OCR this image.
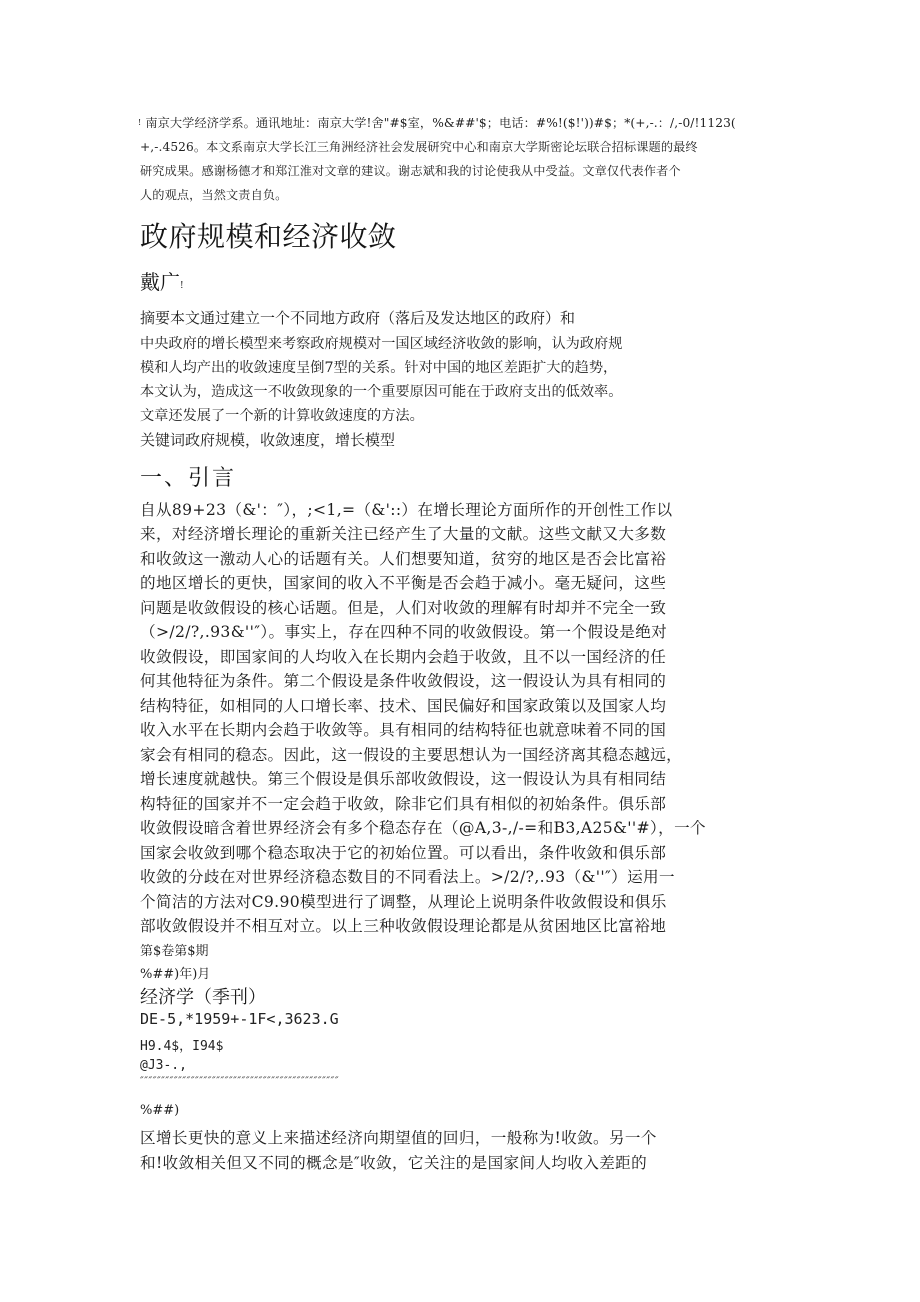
! 南京大学经济学系。通讯地址：南京大学!舍"#$室，%&##'$；电话：#%!($!'))#$；*(+,-.：/,-0/!1123(
+,-.4526。本文系南京大学长江三角洲经济社会发展研究中心和南京大学斯密论坛联合招标课题的最终
研究成果。感谢杨德才和郑江淮对文章的建议。谢志斌和我的讨论使我从中受益。文章仅代表作者个
人的观点，当然文责自负。
政府规模和经济收敛
戴广!
摘要本文通过建立一个不同地方政府（落后及发达地区的政府）和
中央政府的增长模型来考察政府规模对一国区域经济收敛的影响，认为政府规
模和人均产出的收敛速度呈倒7型的关系。针对中国的地区差距扩大的趋势，
本文认为，造成这一不收敛现象的一个重要原因可能在于政府支出的低效率。
文章还发展了一个新的计算收敛速度的方法。
关键词政府规模，收敛速度，增长模型
一、引言
自从89+23（&'：″），;<1,=（&'::）在增长理论方面所作的开创性工作以
来，对经济增长理论的重新关注已经产生了大量的文献。这些文献又大多数
和收敛这一激动人心的话题有关。人们想要知道，贫穷的地区是否会比富裕
的地区增长的更快，国家间的收入不平衡是否会趋于减小。毫无疑问，这些
问题是收敛假设的核心话题。但是，人们对收敛的理解有时却并不完全一致
（>/2/?,.93&''″）。事实上，存在四种不同的收敛假设。第一个假设是绝对
收敛假设，即国家间的人均收入在长期内会趋于收敛，且不以一国经济的任
何其他特征为条件。第二个假设是条件收敛假设，这一假设认为具有相同的
结构特征，如相同的人口增长率、技术、国民偏好和国家政策以及国家人均
收入水平在长期内会趋于收敛等。具有相同的结构特征也就意味着不同的国
家会有相同的稳态。因此，这一假设的主要思想认为一国经济离其稳态越远，
增长速度就越快。第三个假设是俱乐部收敛假设，这一假设认为具有相同结
构特征的国家并不一定会趋于收敛，除非它们具有相似的初始条件。俱乐部
收敛假设暗含着世界经济会有多个稳态存在（@A,3-,/-=和B3,A25&''#），一个
国家会收敛到哪个稳态取决于它的初始位置。可以看出，条件收敛和俱乐部
收敛的分歧在对世界经济稳态数目的不同看法上。>/2/?,.93（&''″）运用一
个简洁的方法对C9.90模型进行了调整，从理论上说明条件收敛假设和俱乐
部收敛假设并不相互对立。以上三种收敛假设理论都是从贫困地区比富裕地
第$卷第$期
%##)年)月
经济学（季刊）
DE-5,*1959+-1F<,3623.G
H9.4$，I94$
@J3-.,
″″″″″″″″″″″″″″″″″″″″″″″″″″″″″″″″″″″″″″″″″″″″″″″
%##)
区增长更快的意义上来描述经济向期望值的回归，一般称为!收敛。另一个
和!收敛相关但又不同的概念是″收敛，它关注的是国家间人均收入差距的
